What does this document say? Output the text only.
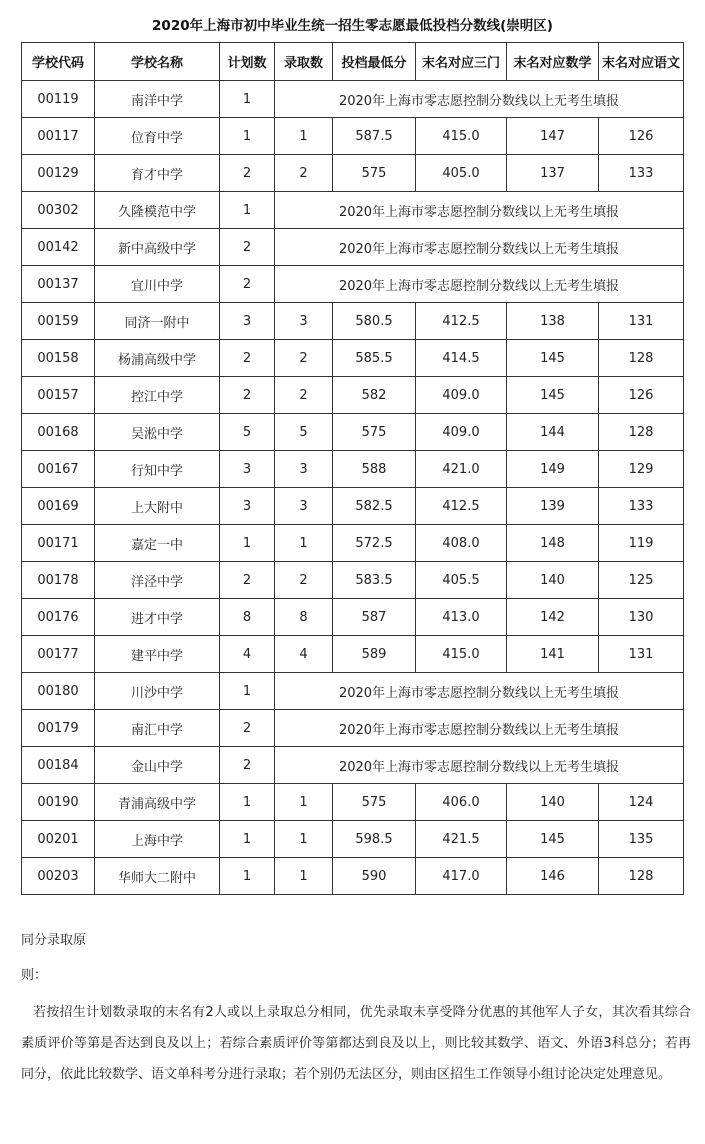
2020年上海市初中毕业生统一招生零志愿最低投档分数线(崇明区)
学校代码	学校名称	计划数	录取数	投档最低分	末名对应三门	末名对应数学	末名对应语文
00119	南洋中学	1	2020年上海市零志愿控制分数线以上无考生填报				
00117	位育中学	1	1	587.5	415.0	147	126
00129	育才中学	2	2	575	405.0	137	133
00302	久隆模范中学	1	2020年上海市零志愿控制分数线以上无考生填报				
00142	新中高级中学	2	2020年上海市零志愿控制分数线以上无考生填报				
00137	宜川中学	2	2020年上海市零志愿控制分数线以上无考生填报				
00159	同济一附中	3	3	580.5	412.5	138	131
00158	杨浦高级中学	2	2	585.5	414.5	145	128
00157	控江中学	2	2	582	409.0	145	126
00168	吴淞中学	5	5	575	409.0	144	128
00167	行知中学	3	3	588	421.0	149	129
00169	上大附中	3	3	582.5	412.5	139	133
00171	嘉定一中	1	1	572.5	408.0	148	119
00178	洋泾中学	2	2	583.5	405.5	140	125
00176	进才中学	8	8	587	413.0	142	130
00177	建平中学	4	4	589	415.0	141	131
00180	川沙中学	1	2020年上海市零志愿控制分数线以上无考生填报				
00179	南汇中学	2	2020年上海市零志愿控制分数线以上无考生填报				
00184	金山中学	2	2020年上海市零志愿控制分数线以上无考生填报				
00190	青浦高级中学	1	1	575	406.0	140	124
00201	上海中学	1	1	598.5	421.5	145	135
00203	华师大二附中	1	1	590	417.0	146	128
同分录取原
则：
若按招生计划数录取的末名有2人或以上录取总分相同，优先录取未享受降分优惠的其他军人子女，其次看其综合素质评价等第是否达到良及以上；若综合素质评价等第都达到良及以上，则比较其数学、语文、外语3科总分；若再同分，依此比较数学、语文单科考分进行录取；若个别仍无法区分，则由区招生工作领导小组讨论决定处理意见。
